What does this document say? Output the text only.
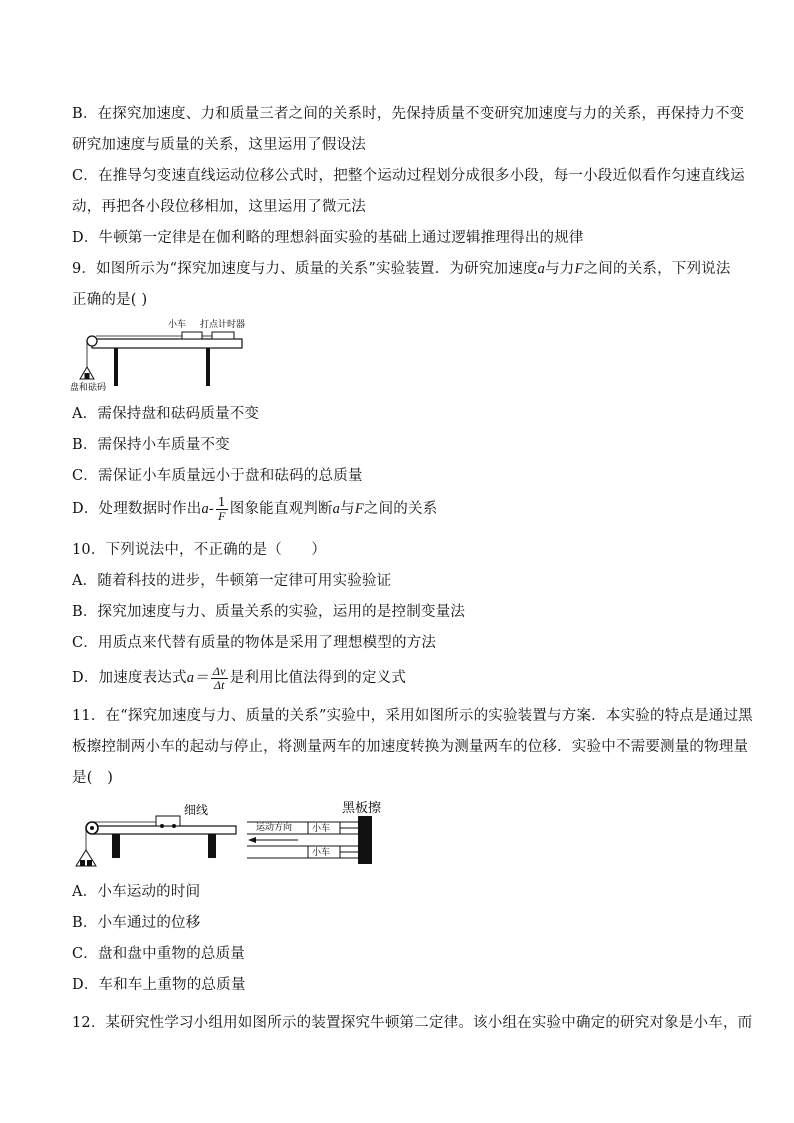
B．在探究加速度、力和质量三者之间的关系时，先保持质量不变研究加速度与力的关系，再保持力不变
研究加速度与质量的关系，这里运用了假设法
C．在推导匀变速直线运动位移公式时，把整个运动过程划分成很多小段，每一小段近似看作匀速直线运
动，再把各小段位移相加，这里运用了微元法
D．牛顿第一定律是在伽利略的理想斜面实验的基础上通过逻辑推理得出的规律
9．如图所示为“探究加速度与力、质量的关系”实验装置．为研究加速度a与力F之间的关系，下列说法
正确的是( )
小车 打点计时器
盘和砝码
A．需保持盘和砝码质量不变
B．需保持小车质量不变
C．需保证小车质量远小于盘和砝码的总质量
D．处理数据时作出$a- \frac{1}{F}$ 图象能直观判断a与F之间的关系
10．下列说法中，不正确的是（　　）
A．随着科技的进步，牛顿第一定律可用实验验证
B．探究加速度与力、质量关系的实验，运用的是控制变量法
C．用质点来代替有质量的物体是采用了理想模型的方法
D．加速度表达式$a= \frac{\Delta v}{\Delta t}$ 是利用比值法得到的定义式
11．在“探究加速度与力、质量的关系”实验中，采用如图所示的实验装置与方案．本实验的特点是通过黑
板擦控制两小车的起动与停止，将测量两车的加速度转换为测量两车的位移．实验中不需要测量的物理量
是(　)
细线
运动方向 小车
小车
黑板擦
A．小车运动的时间
B．小车通过的位移
C．盘和盘中重物的总质量
D．车和车上重物的总质量
12．某研究性学习小组用如图所示的装置探究牛顿第二定律。该小组在实验中确定的研究对象是小车，而
